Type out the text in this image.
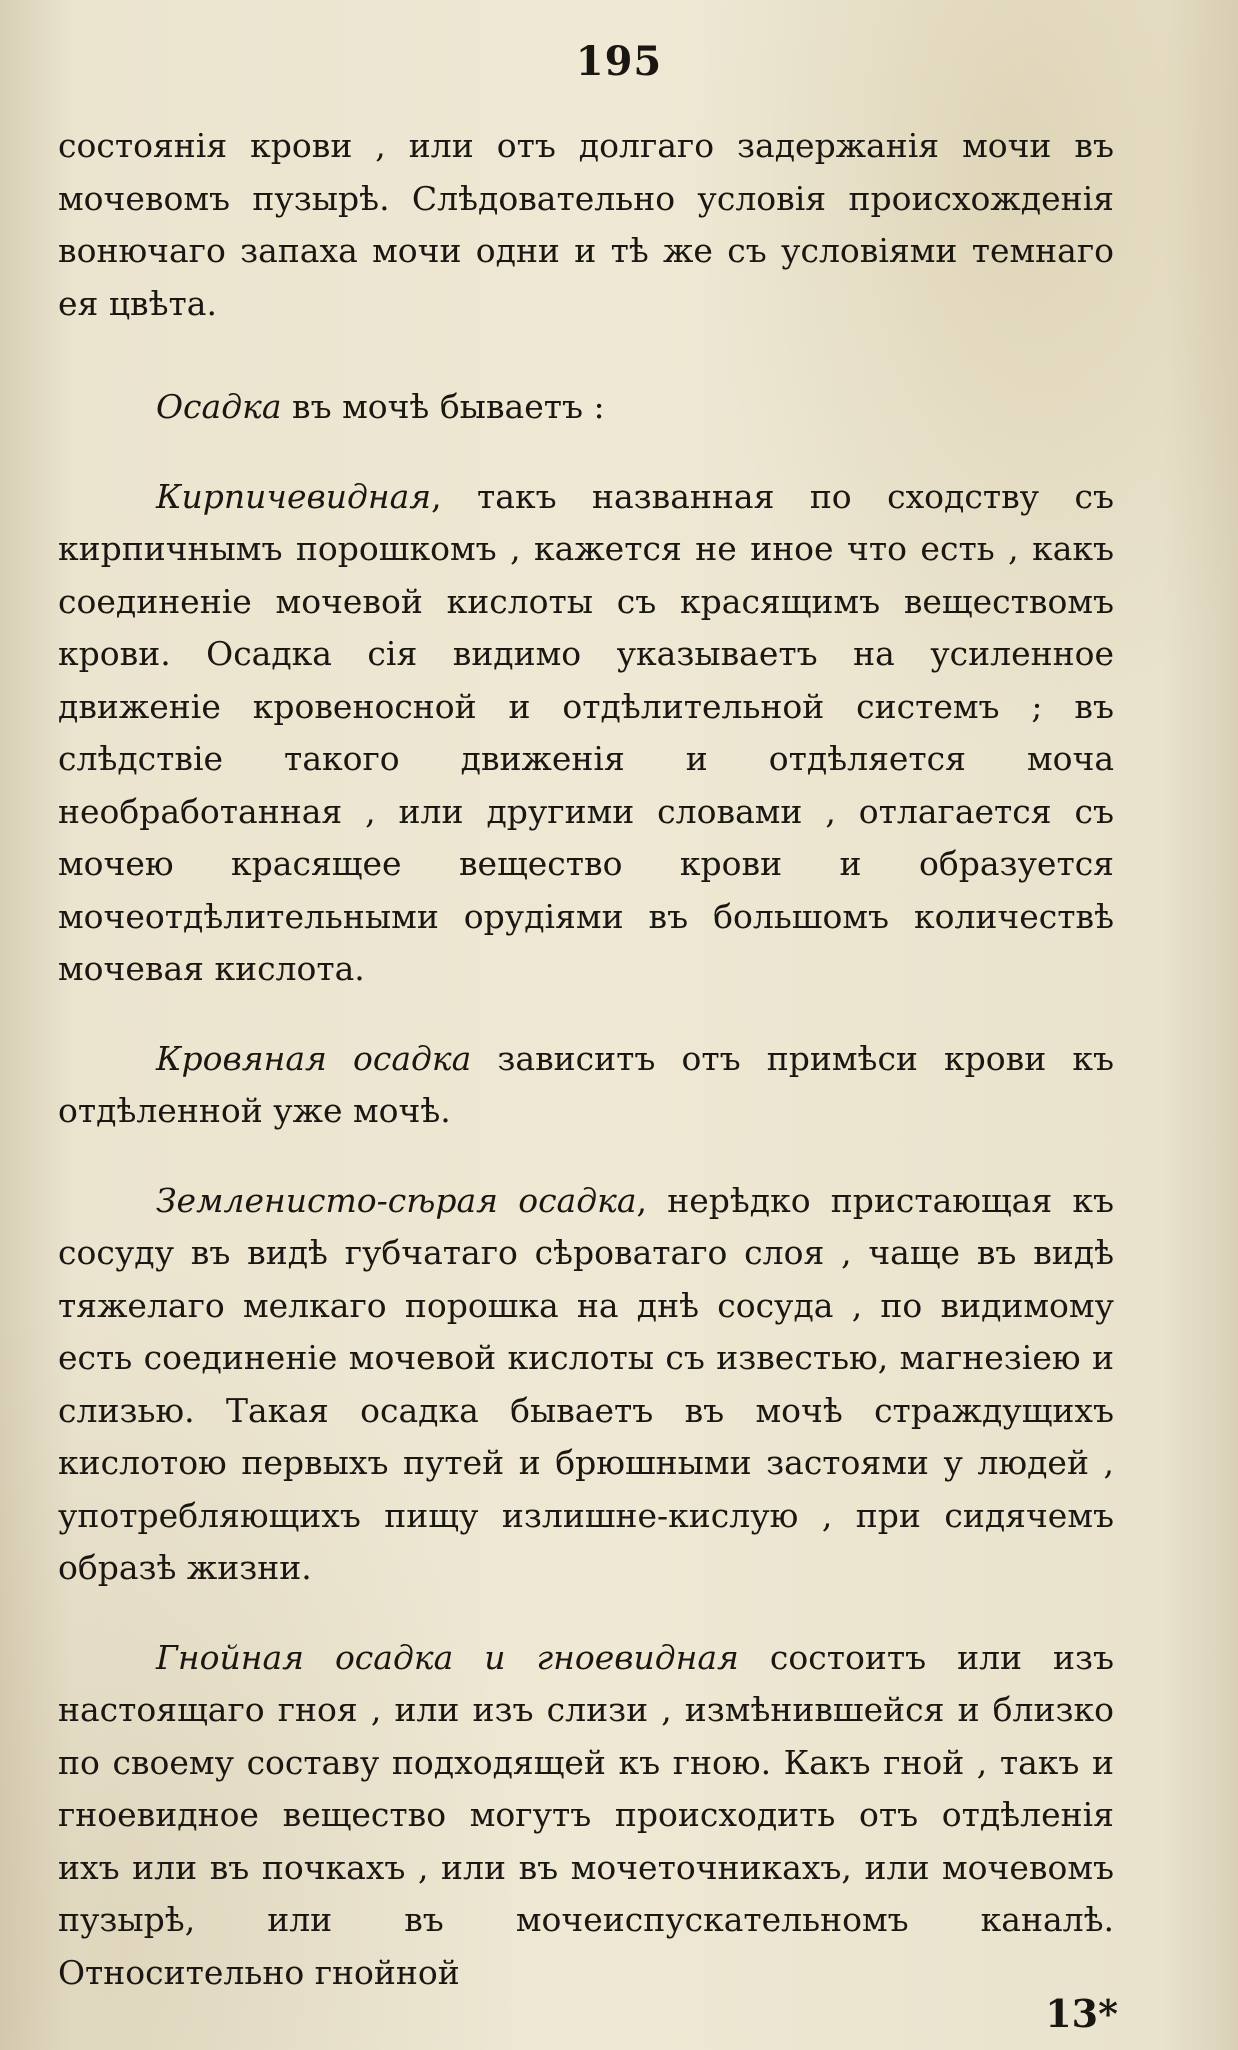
195

состоянія крови , или отъ долгаго задержанія мочи въ мочевомъ пузырѣ. Слѣдовательно условія происхожденія вонючаго запаха мочи одни и тѣ же съ условіями темнаго ея цвѣта.

Осадка въ мочѣ бываетъ :

Кирпичевидная, такъ названная по сходству съ кирпичнымъ порошкомъ , кажется не иное что есть , какъ соединеніе мочевой кислоты съ красящимъ веществомъ крови. Осадка сія видимо указываетъ на усиленное движеніе кровеносной и отдѣлительной системъ ; въ слѣдствіе такого движенія и отдѣляется моча необработанная , или другими словами , отлагается съ мочею красящее вещество крови и образуется мочеотдѣлительными орудіями въ большомъ количествѣ мочевая кислота.

Кровяная осадка зависитъ отъ примѣси крови къ отдѣленной уже мочѣ.

Земленисто-сѣрая осадка, нерѣдко пристающая къ сосуду въ видѣ губчатаго сѣроватаго слоя , чаще въ видѣ тяжелаго мелкаго порошка на днѣ сосуда , по видимому есть соединеніе мочевой кислоты съ известью, магнезіею и слизью. Такая осадка бываетъ въ мочѣ страждущихъ кислотою первыхъ путей и брюшными застоями у людей , употребляющихъ пищу излишне-кислую , при сидячемъ образѣ жизни.

Гнойная осадка и гноевидная состоитъ или изъ настоящаго гноя , или изъ слизи , измѣнившейся и близко по своему составу подходящей къ гною. Какъ гной , такъ и гноевидное вещество могутъ происходить отъ отдѣленія ихъ или въ почкахъ , или въ мочеточникахъ, или мочевомъ пузырѣ, или въ мочеиспускательномъ каналѣ. Относительно гнойной

13*
